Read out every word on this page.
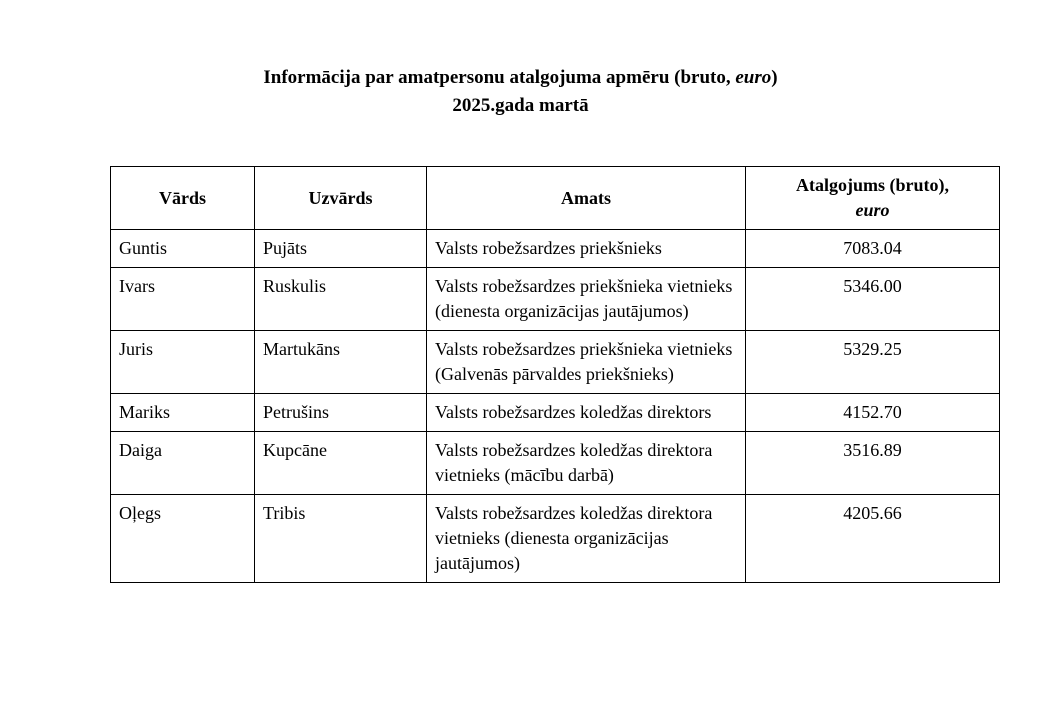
Informācija par amatpersonu atalgojuma apmēru (bruto, euro)
2025.gada martā
Vārds	Uzvārds	Amats	Atalgojums (bruto),
euro

Guntis	Pujāts	Valsts robežsardzes priekšnieks	7083.04
Ivars	Ruskulis	Valsts robežsardzes priekšnieka vietnieks (dienesta organizācijas jautājumos)	5346.00
Juris	Martukāns	Valsts robežsardzes priekšnieka vietnieks (Galvenās pārvaldes priekšnieks)	5329.25
Mariks	Petrušins	Valsts robežsardzes koledžas direktors	4152.70
Daiga	Kupcāne	Valsts robežsardzes koledžas direktora vietnieks (mācību darbā)	3516.89
Oļegs	Tribis	Valsts robežsardzes koledžas direktora vietnieks (dienesta organizācijas jautājumos)	4205.66
